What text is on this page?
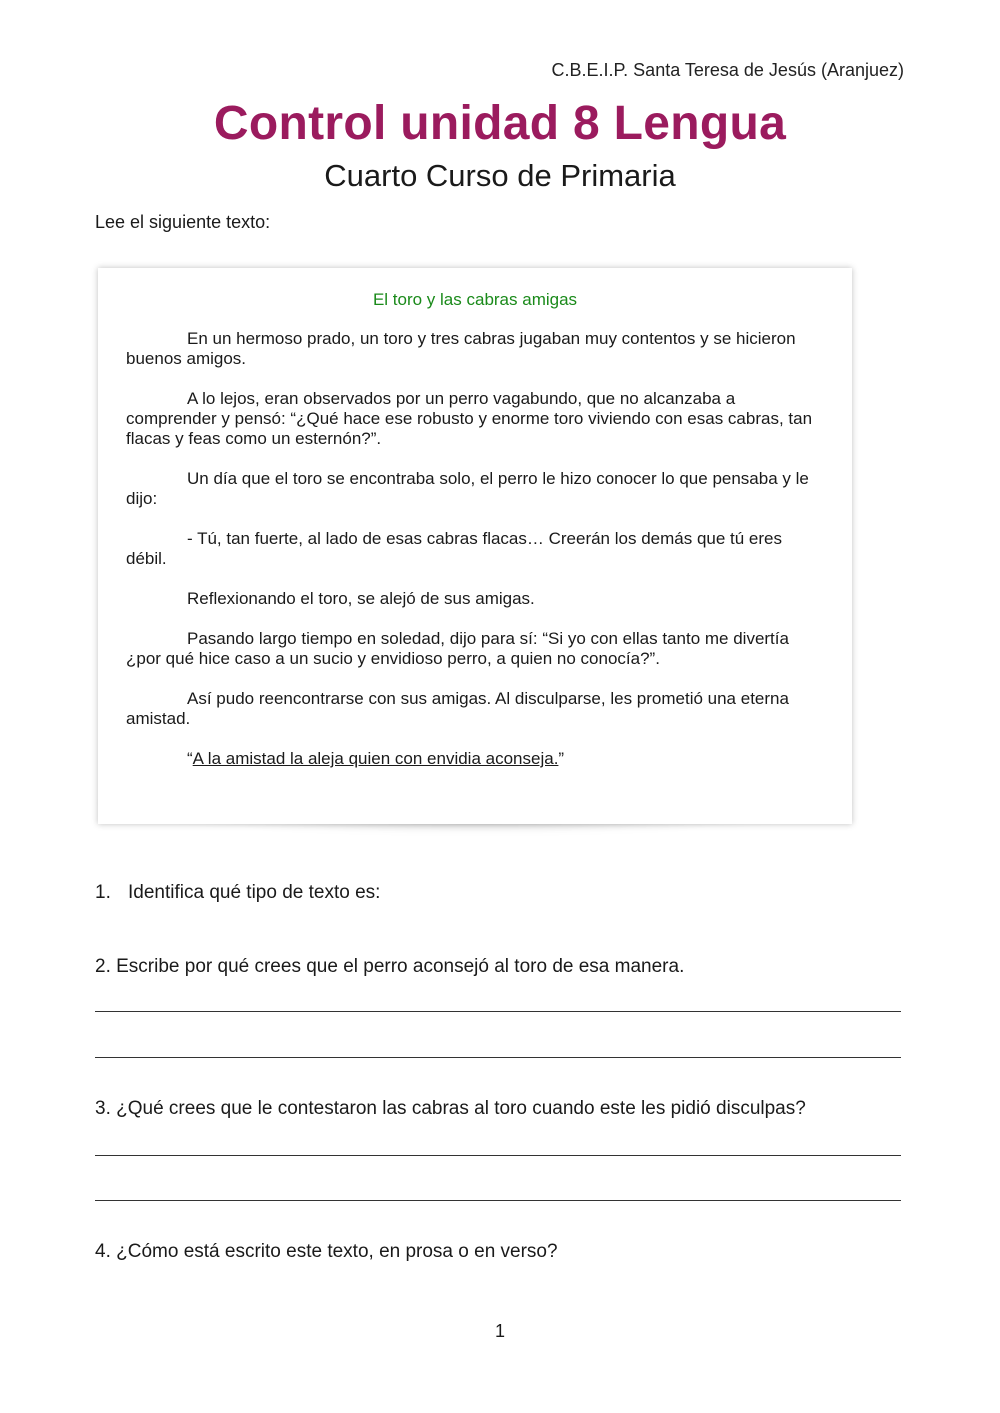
C.B.E.I.P. Santa Teresa de Jesús (Aranjuez)
Control unidad 8 Lengua
Cuarto Curso de Primaria
Lee el siguiente texto:
El toro y las cabras amigas

En un hermoso prado, un toro y tres cabras jugaban muy contentos y se hicieron buenos amigos.

A lo lejos, eran observados por un perro vagabundo, que no alcanzaba a comprender y pensó: “¿Qué hace ese robusto y enorme toro viviendo con esas cabras, tan flacas y feas como un esternón?”.

Un día que el toro se encontraba solo, el perro le hizo conocer lo que pensaba y le dijo:

- Tú, tan fuerte, al lado de esas cabras flacas… Creerán los demás que tú eres débil.

Reflexionando el toro, se alejó de sus amigas.

Pasando largo tiempo en soledad, dijo para sí: “Si yo con ellas tanto me divertía ¿por qué hice caso a un sucio y envidioso perro, a quien no conocía?”.

Así pudo reencontrarse con sus amigas. Al disculparse, les prometió una eterna amistad.

“A la amistad la aleja quien con envidia aconseja.”

1. Identifica qué tipo de texto es:
2. Escribe por qué crees que el perro aconsejó al toro de esa manera.
3. ¿Qué crees que le contestaron las cabras al toro cuando este les pidió disculpas?
4. ¿Cómo está escrito este texto, en prosa o en verso?
1
